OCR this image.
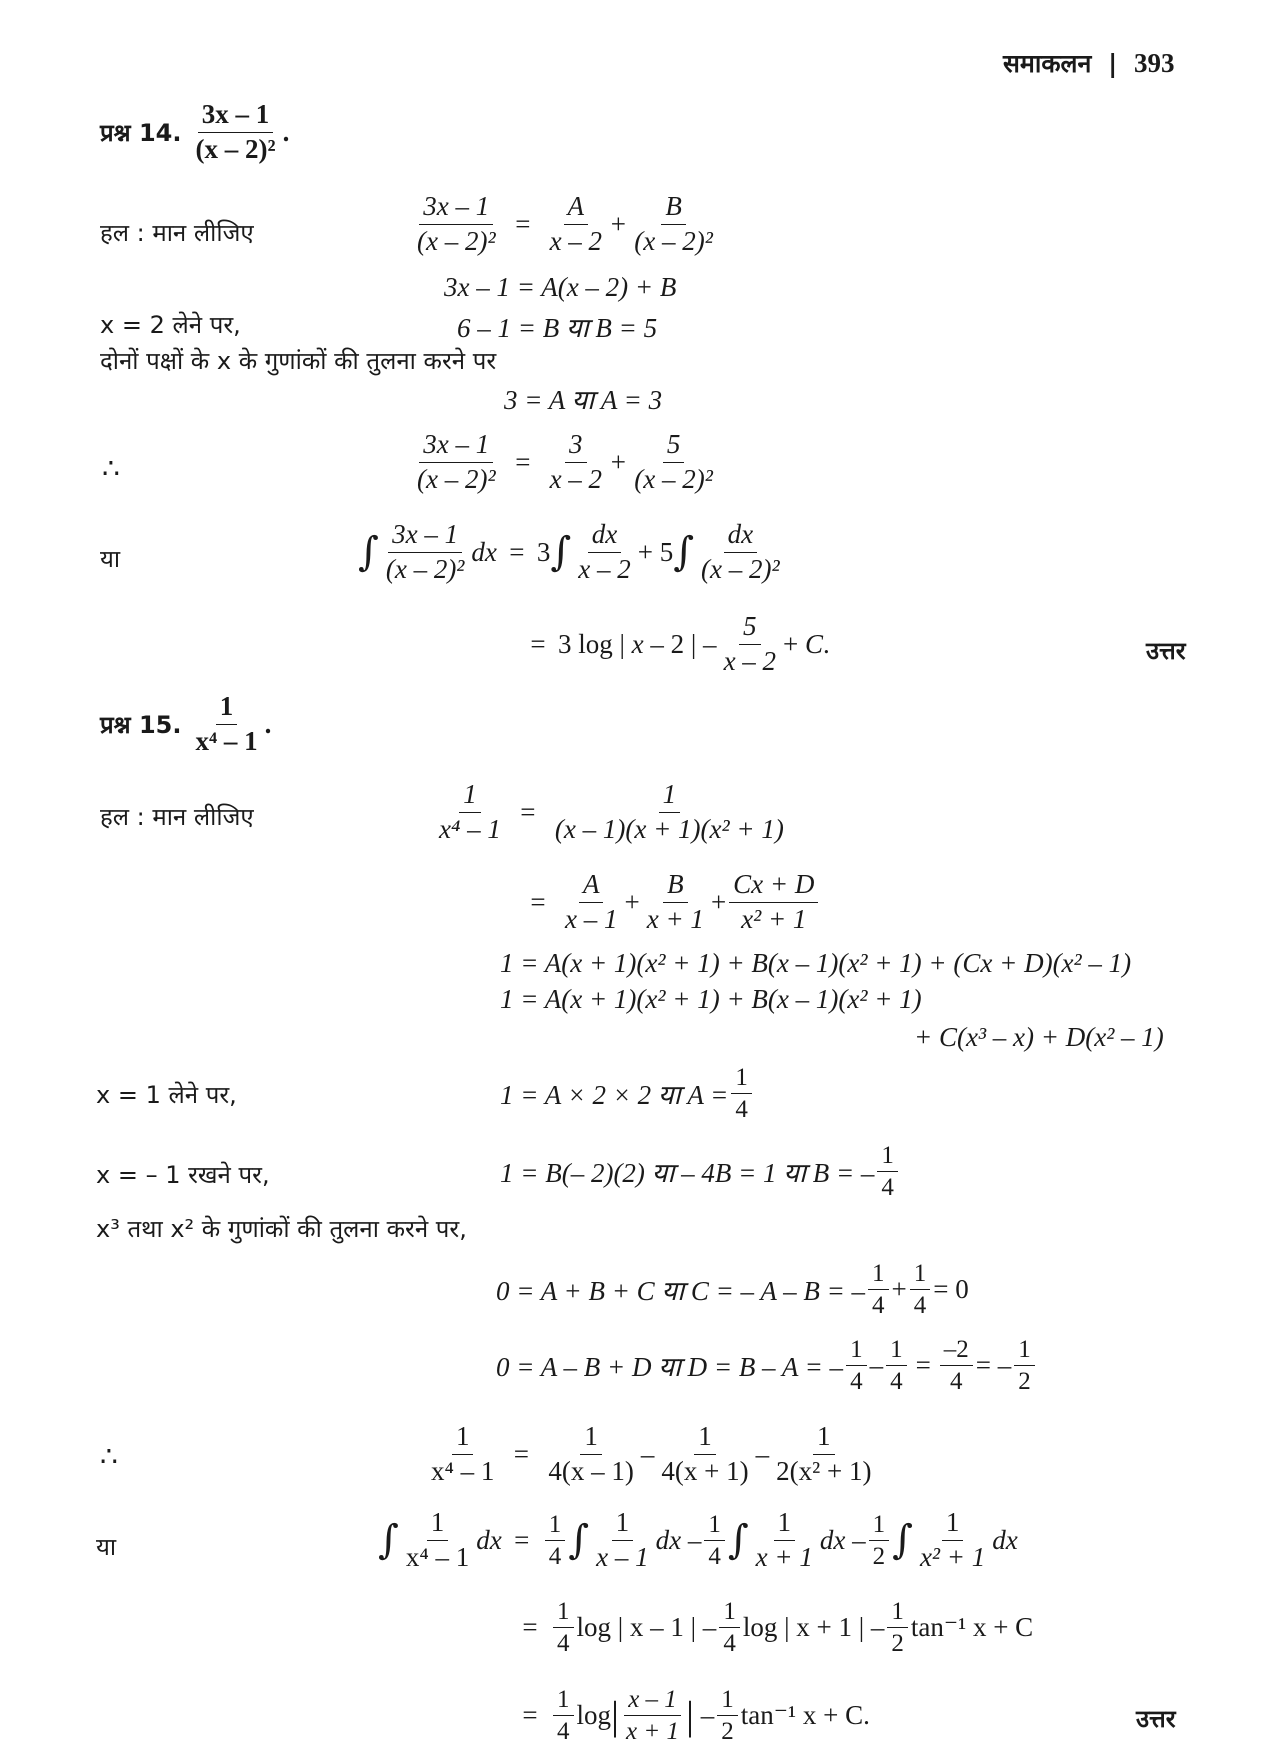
समाकलन | 393
प्रश्न 14. $\frac{3x - 1}{\text{(x – 2)²}}$ .
हल : मान लीजिए	$\frac{3x - 1}{\text{(x – 2)²}} = \frac{A}{x - 2} + \frac{B}{\text{(x – 2)²}}$
3x – 1 = A(x – 2) + B
x = 2 लेने पर,	6 – 1 = B या B = 5
दोनों पक्षों के x के गुणांकों की तुलना करने पर
3 = A या A = 3
∴	$\frac{3x - 1}{\text{(x – 2)²}} = \frac{3}{x - 2} + \frac{5}{\text{(x – 2)²}}$
या	∫ $\frac{3x - 1}{\text{(x – 2)²}}$ dx = 3 ∫ $\frac{dx}{x - 2} + 5$ ∫ $\frac{dx}{\text{(x – 2)²}}$
= 3 log | x – 2 | – $\frac{5}{x - 2} + C$.	उत्तर
प्रश्न 15. $\frac{1}{\text{x⁴ – 1}}$ .
हल : मान लीजिए	$\frac{1}{\text{x⁴ – 1}} = \frac{1}{\text{(x – 1)(x + 1)(x² + 1)}}$
= $\frac{A}{x - 1} + \frac{B}{x + 1} + \frac{Cx + D}{\text{x² + 1}}$
1 = A(x + 1)(x² + 1) + B(x – 1)(x² + 1) + (Cx + D)(x² – 1)
1 = A(x + 1)(x² + 1) + B(x – 1)(x² + 1)
+ C(x³ – x) + D(x² – 1)
x = 1 लेने पर,	1 = A × 2 × 2 या $A = \frac{1}{4}$
x = – 1 रखने पर,	1 = B(– 2)(2) या – 4B = 1 या B = – $\frac{1}{4}$
x³ तथा x² के गुणांकों की तुलना करने पर,
0 = A + B + C या C = – A – B = – $\frac{1}{4} + \frac{1}{4} = 0$
0 = A – B + D या D = B – A = – $\frac{1}{4} - \frac{1}{4} = \frac{-2}{4}$ = – $\frac{1}{2}$
∴	$\frac{1}{\text{x⁴ – 1}} = \frac{1}{4(x - 1)} - \frac{1}{4(x + 1)} - \frac{1}{\text{2(x² + 1)}}$
या	∫ $\frac{1}{\text{x⁴ – 1}}$ dx = $\frac{1}{4}$ ∫ $\frac{1}{x - 1}$ dx – $\frac{1}{4}$ ∫ $\frac{1}{x + 1}$ dx – $\frac{1}{2}$ ∫ $\frac{1}{\text{x² + 1}}$ dx
= $\frac{1}{4}$ log | x – 1 | – $\frac{1}{4}$ log | x + 1 | – $\frac{1}{2} \tan^{-1}$ x + C
= $\frac{1}{4}$ log | $\frac{x - 1}{x + 1}$ | – $\frac{1}{2} \tan^{-1}$ x + C.	उत्तर
